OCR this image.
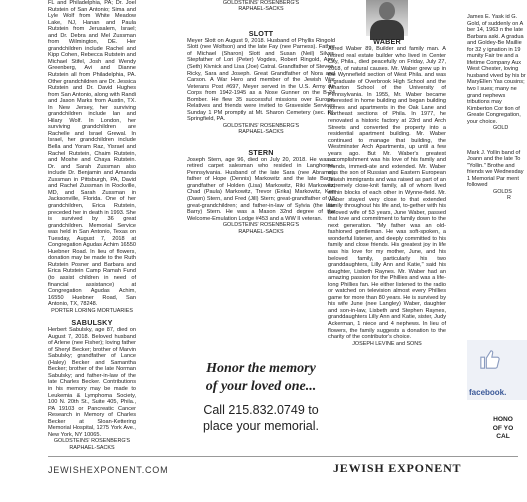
FL and Philadelphia, PA; Dr. Joel Rutstein of San Antonio; Sima and Lyle Wolf from White Meadow Lake, NJ, Hanan and Paula Rutstein from Jerusalem, Israel; and Dr. Debra and Mel Zussman from Wilmington, DE. Her grandchildren include Rachel and Kipp Cohen, Rebecca Rutstein and Michael Stifel, Josh and Wendy Greenberg, Avi and Dianne Rutstein all from Philadelphia, PA. Other grandchildren are Dr. Jessica Rutstein and Dr. David Hughes from San Antonio, along with Randi and Jason Marks from Austin, TX. In New Jersey, her surviving grandchildren include Ian and Hilary Wolf. In London, her surviving grandchildren are Rachelle and Israel Grewal. In Israel, her grandchildren include Bella and Yoram Raz, Yisrael and Rachel Rutstein, Chaim Rutstein, and Moshe and Chaya Rutstein. Dr. and Sarah Zussman also include Dr. Benjamin and Amanda Zussman in Pittsburgh, PA, David and Rachel Zussman in Rockville, MD, and Sarah Zussman in Jacksonville, Florida. One of her grandchildren, Erica Rutstein, preceded her in death in 1993. She is survived by 36 great grandchildren. Memorial Service was held in San Antonio, Texas on Tuesday, August 7, 2018 at Congregation Agudas Achim 16550 Huebner Road. In lieu of flowers, donation may be made to the Ruth Rutstein Posner and Barbara and Erica Rutstein Camp Ramah Fund (to assist children in need of financial assistance) at Congregation Agudas Achim, 16550 Huebner Road, San Antonio, TX, 78248.

PORTER LORING MORTUARIES
SABULSKY

Herbert Sabulsky, age 87, died on August 7, 2018. Beloved husband of Arlene (nee Fisher); loving father of Sheryl Becker; brother of Marvin Sabulsky; grandfather of Lance (Haley) Becker and Samantha Becker; brother of the late Norman Sabulsky; and father-in-law of the late Charles Becker. Contributions in his memory may be made to Leukemia & Lymphoma Society, 100 N. 20th St., Suite 405, Phila., PA 19103 or Pancreatic Cancer Research in Memory of Charles Becker at Sloan-Kettering Memorial Hospital, 1275 York Ave., New York, NY 10065.

GOLDSTEINS' ROSENBERG'S
RAPHAEL-SACKS
GOLDSTEINS' ROSENBERG'S
RAPHAEL-SACKS
SLOTT

Meyer Slott on August 9, 2018. Husband of Phyllis Ringold Slott (nee Wolfson) and the late Fay (nee Parness). Father of Michael (Sharon) Slott and Susan (Neil) Silver. Stepfather of Lori (Peter) Vogdes, Robert Ringold, Amy (Seth) Kivnick and Lisa (Joe) Catral. Grandfather of Steven, Ricky, Sara and Joseph. Great Grandfather of Nora and Carson. A War Hero and member of the Jewish War Veterans Post #697, Meyer served in the U.S. Army Air Corps from 1942-1945 as a Nose Gunner on the B-24 Bomber. He flew 35 successful missions over Europe. Relatives and friends were invited to Graveside Services Sunday 1 PM promptly at Mt. Sharon Cemetery (sec. R), Springfield, PA.

GOLDSTEINS' ROSENBERG'S
RAPHAEL-SACKS
STERN

Joseph Stern, age 96, died on July 20, 2018. He was a retired carpet salesman who resided in Langhorne, Pennsylvania. Husband of the late Sara (nee Abrams); father of Hope (Dennis) Markowitz and the late Barry; grandfather of Holden (Lisa) Markowitz, Riki Markowitz, Chad (Paula) Markowitz, Trevor (Erika) Markowitz, Ken (Dawn) Stern, and Fred (Jill) Stern; great-grandfather of 13 great-grandchildren; and father-in-law of Sylvia (the late Barry) Stern. He was a Mason 32nd degree of the Welcome-Emulation Lodge #453 and a WW II veteran.

GOLDSTEINS' ROSENBERG'S
RAPHAEL-SACKS
Honor the memory
of your loved one...
Call 215.832.0749 to
place your memorial.
WABER

Alfred Waber 89, Builder and family man. A retired real estate builder who lived in Center City, Phila., died peacefully on Friday, July 27, 2018, of natural causes. Mr. Waber grew up in the Wynnefield section of West Phila. and was a graduate of Overbrook High School and the Wharton School of the University of Pennsylvania. In 1955, Mr. Waber became interested in home building and began building homes and apartments in the Oak Lane and Northeast sections of Phila. In 1977, he renovated a historic factory at 23rd and Arch Streets and converted the property into a residential apartment building. Mr. Waber continued to manage that building, the Westminster Arch Apartments, up until a few years ago. But Mr. Waber's greatest accomplishment was his love of his family and friends, immedi-ate and extended. Mr. Waber was the son of Russian and Eastern European Jewish immigrants and was raised as part of an extremely close-knit family, all of whom lived within blocks of each other in Wynne-field. Mr. Waber stayed very close to that extended family throughout his life and, to-gether with his beloved wife of 53 years, June Waber, passed that love and commitment to family down to the next generation. "My father was an old-fashioned gentleman. He was soft-spoken, a wonderful listener, and deeply committed to his family and close friends. His greatest joy in life was his love for my mother, June, and his beloved family, particularly his two granddaughters, Lilly Ann and Katie," said his daughter, Lisbeth Raynes. Mr. Waber had an amazing passion for the Phillies and was a life-long Phillies fan. He either listened to the radio or watched on television almost every Phillies game for more than 80 years. He is survived by his wife June (nee Langley) Waber, daughter and son-in-law, Lisbeth and Stephen Raynes, granddaughters Lilly Ann and Katie, sister, Judy Ackerman, 1 niece and 4 nephews. In lieu of flowers, the family suggests a donation to the charity of the contributor's choice.

JOSEPH LEVINE and SONS

James E. Yask id G. Gold, of suddenly on A ber 14, 1963 n the late Barbara aski. A gradua and Goldey-Be Maillie for 32 y ignation in 19 munity Fair tre and a lifetime Company Aux West Chester, loving husband vived by his br MaryEllen Yas cousins; two I sues; many ne grand nephews tributions may Kimberton Cor tion of Greate Congregation, your choice.

GOLD

Mark J. Yollin band of Joann and the late To "Yollin." Brothe and friends we Wednesday 1 Memorial Par ment followed

GOLDS
R
facebook.
HONO
OF YO
CAL
JEWISHEXPONENT.COM	JEWISH EXPONENT
